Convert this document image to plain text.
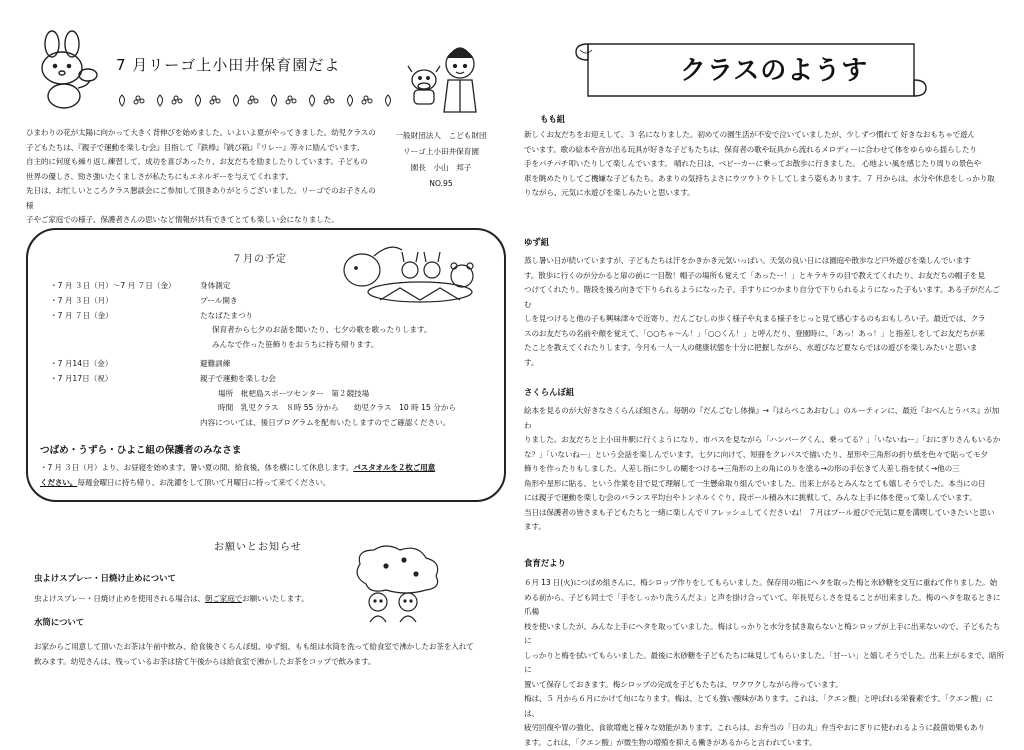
7 月リーゴ上小田井保育園だよ

ひまわりの花が太陽に向かって大きく背伸びを始めました。いよいよ夏がやってきました。幼児クラスの

子どもたちは、『親子で運動を楽しむ会』目指して『鉄棒』『跳び箱』『リレー』等々に励んでいます。

自主的に何度も繰り返し練習して、成功を喜びあったり、お友だちを励ましたりしています。子どもの

世界の優しさ、勁さ強いたくましさが私たちにもエネルギーを与えてくれます。

先日は、お忙しいところクラス懇談会にご参加して頂きありがとうございました。リーゴでのお子さんの様

子やご家庭での様子、保護者さんの思いなど情報が共有できてとても楽しい会になりました。

一般財団法人　こども財団
リーゴ上小田井保育園
園長　小山　邦子
NO.95
７月の予定
・7 月 ３日（月）～7 月 ７日（金）	身体測定
・7 月 ３日（月）	プール開き
・7 月 ７日（金）	たなばたまつり
保育者から七夕のお話を聞いたり、七夕の歌を歌ったりします。
みんなで作った笹飾りをおうちに持ち帰ります。
・7 月14日（金）	避難訓練
・7 月17日（祝）	親子で運動を楽しむ会
場所　枇杷島スポーツセンター　第２競技場
時間　乳児クラス　８時 55 分から　　幼児クラス　10 時 15 分から
内容については、後日プログラムを配布いたしますのでご確認ください。
つばめ・うずら・ひよこ組の保護者のみなさま

・7 月 ３日（月）より、お昼寝を始めます。暑い夏の間、給食後、体を横にして休息します。バスタオルを２枚ご用意

ください。毎週金曜日に持ち帰り、お洗濯をして頂いて月曜日に持って来てください。

お願いとお知らせ
虫よけスプレー・日焼け止めについて
虫よけスプレー・日焼け止めを使用される場合は、朝ご家庭でお願いいたします。
水筒について

お家からご用意して頂いたお茶は午前中飲み、給食後さくらんぼ組、ゆず組、もも組は水筒を洗って給食室で沸かしたお茶を入れて

飲みます。幼児さんは、残っているお茶は捨て午後からは給食室で沸かしたお茶をコップで飲みます。

クラスのようす
もも組

新しくお友だちをお迎えして、３ 名になりました。初めての園生活が不安で泣いていましたが、少しずつ慣れて 好きなおもちゃで遊ん

でいます。歌の絵本や音が出る玩具が好きな子どもたちは、保育者の歌や玩具から流れるメロディーに合わせて体をゆらゆら揺らしたり

手をパチパチ叩いたりして楽しんでいます。 晴れた日は、ベビーカーに乗ってお散歩に行きました。 心地よい風を感じたり周りの景色や

車を眺めたりしてご機嫌な子どもたち。あまりの気持ちよさにウツウトウトしてしまう姿もあります。７ 月からは、水分や休息をしっかり取

りながら、元気に水遊びを楽しみたいと思います。

ゆず組

蒸し暑い日が続いていますが、子どもたちは汗をかきかき元気いっぱい。天気の良い日には園庭や散歩など戸外遊びを楽しんでいます

す。散歩に行くのが分かると扉の前に一目散！帽子の場所も覚えて「あったー！」とキラキラの目で教えてくれたり、お友だちの帽子を見

つけてくれたり。階段を後ろ向きで下りられるようになった子、手すりにつかまり自分で下りられるようになった子もいます。ある子がだんごむ

しを見つけると他の子も興味津々で近寄り、だんごむしの歩く様子や丸まる様子をじっと見て感心するのもおもしろい子。最近では、クラ

スのお友だちの名前や顔を覚えて、「○○ちゃ～ん！」「○○くん！」と呼んだり、登園時に、「あっ！あっ！」と指差しをしてお友だちが来

たことを教えてくれたりします。今月も一人一人の健康状態を十分に把握しながら、水遊びなど夏ならではの遊びを楽しみたいと思いま

す。

さくらんぼ組

絵本を見るのが大好きなさくらんぼ組さん。毎朝の『だんごむし体操』→『はらぺこあおむし』のルーティンに、最近『おべんとうバス』が加わ

りました。お友だちと上小田井駅に行くようになり、市バスを見ながら「ハンバーグくん、乗ってる？」「いないねー」「おにぎりさんもいるか

な？」「いないねー」という会話を楽しんでいます。七夕に向けて、短冊をクレパスで描いたり、星形や三角形の折り紙を色々で貼ってモ夕

飾りを作ったりもしました。人差し指に少しの糊をつける→三角形の上の角にのりを塗る→の形の手伝きて人差し指を拭く→他の三

角形や星形に貼る、という作業を目で見て理解して一生懸命取り組んでいました。出来上がるとみんなとても嬉しそうでした。本当にの日

には親子で運動を楽しむ会のバランス平均台やトンネルくぐり、段ボール積み木に挑戦して、みんな上手に体を使って楽しんでいます。

当日は保護者の皆さまも子どもたちと一緒に楽しんでリフレッシュしてくださいね！ ７月はプール遊びで元気に夏を満喫していきたいと思い

ます。

食育だより

６月 13 日(火)につばめ組さんに、梅シロップ作りをしてもらいました。保存用の瓶にヘタを取った梅と氷砂糖を交互に重ねて作りました。始

める前から、子ども同士で「手をしっかり洗うんだよ」と声を掛け合っていて、年長児らしさを見ることが出来ました。梅のヘタを取るときに爪楊

枝を使いましたが、みんな上手にヘタを取っていました。梅はしっかりと水分を拭き取らないと梅シロップが上手に出来ないので、子どもたちに

しっかりと梅を拭いてもらいました。最後に氷砂糖を子どもたちに味見してもらいました。「甘ーい」と嬉しそうでした。出来上がるまで、暗所に

置いて保存しておきます。梅シロップの完成を子どもたちは、ワクワクしながら待っています。

梅は、５ 月から６月にかけて旬になります。梅は、とても強い酸味があります。これは、「クエン酸」と呼ばれる栄養素です。「クエン酸」には、

疲労回復や胃の強化、食欲増進と様々な効能があります。これらは、お弁当の「日の丸」弁当やおにぎりに使われるように殺菌効果もあり

ます。これは、「クエン酸」が微生物の増殖を抑える働きがあるからと言われています。
